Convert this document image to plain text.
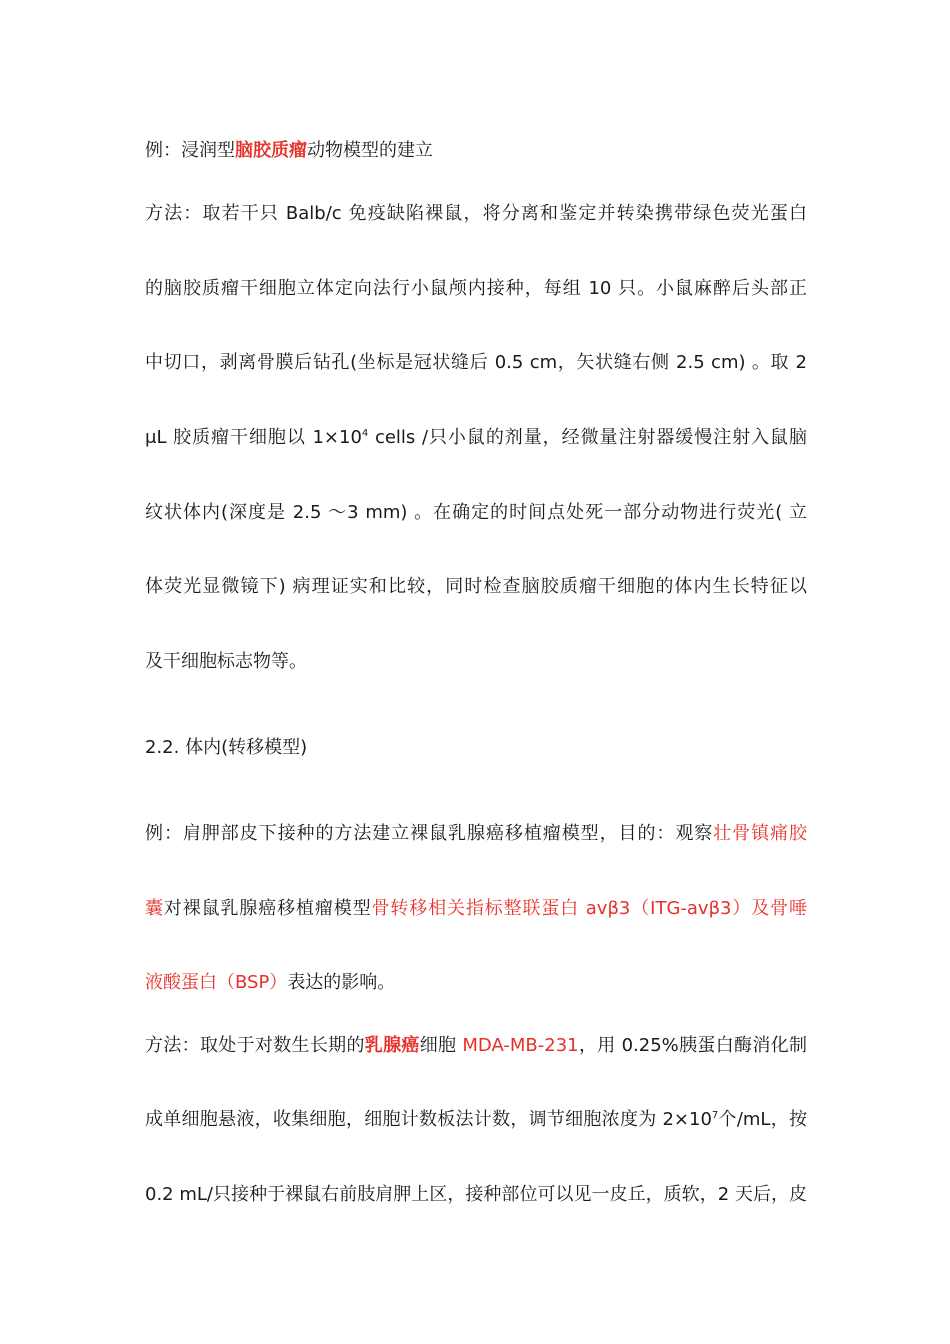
例：浸润型脑胶质瘤动物模型的建立
方法：取若干只 Balb/c 免疫缺陷裸鼠，将分离和鉴定并转染携带绿色荧光蛋白
的脑胶质瘤干细胞立体定向法行小鼠颅内接种，每组 10 只。小鼠麻醉后头部正
中切口，剥离骨膜后钻孔(坐标是冠状缝后 0.5 cm，矢状缝右侧 2.5 cm) 。取 2
μL 胶质瘤干细胞以 $1\times 10^4$ cells /只小鼠的剂量，经微量注射器缓慢注射入鼠脑
纹状体内(深度是 2.5 ～3 mm) 。在确定的时间点处死一部分动物进行荧光( 立
体荧光显微镜下) 病理证实和比较，同时检查脑胶质瘤干细胞的体内生长特征以
及干细胞标志物等。
2.2. 体内(转移模型)
例：肩胛部皮下接种的方法建立裸鼠乳腺癌移植瘤模型，目的：观察壮骨镇痛胶
囊对裸鼠乳腺癌移植瘤模型骨转移相关指标整联蛋白 avβ3（ITG-avβ3）及骨唾
液酸蛋白（BSP）表达的影响。
方法：取处于对数生长期的乳腺癌细胞 MDA-MB-231，用 0.25%胰蛋白酶消化制
成单细胞悬液，收集细胞，细胞计数板法计数，调节细胞浓度为 $2\times 10^7$个/mL，按
0.2 mL/只接种于裸鼠右前肢肩胛上区，接种部位可以见一皮丘，质软，2 天后，皮
